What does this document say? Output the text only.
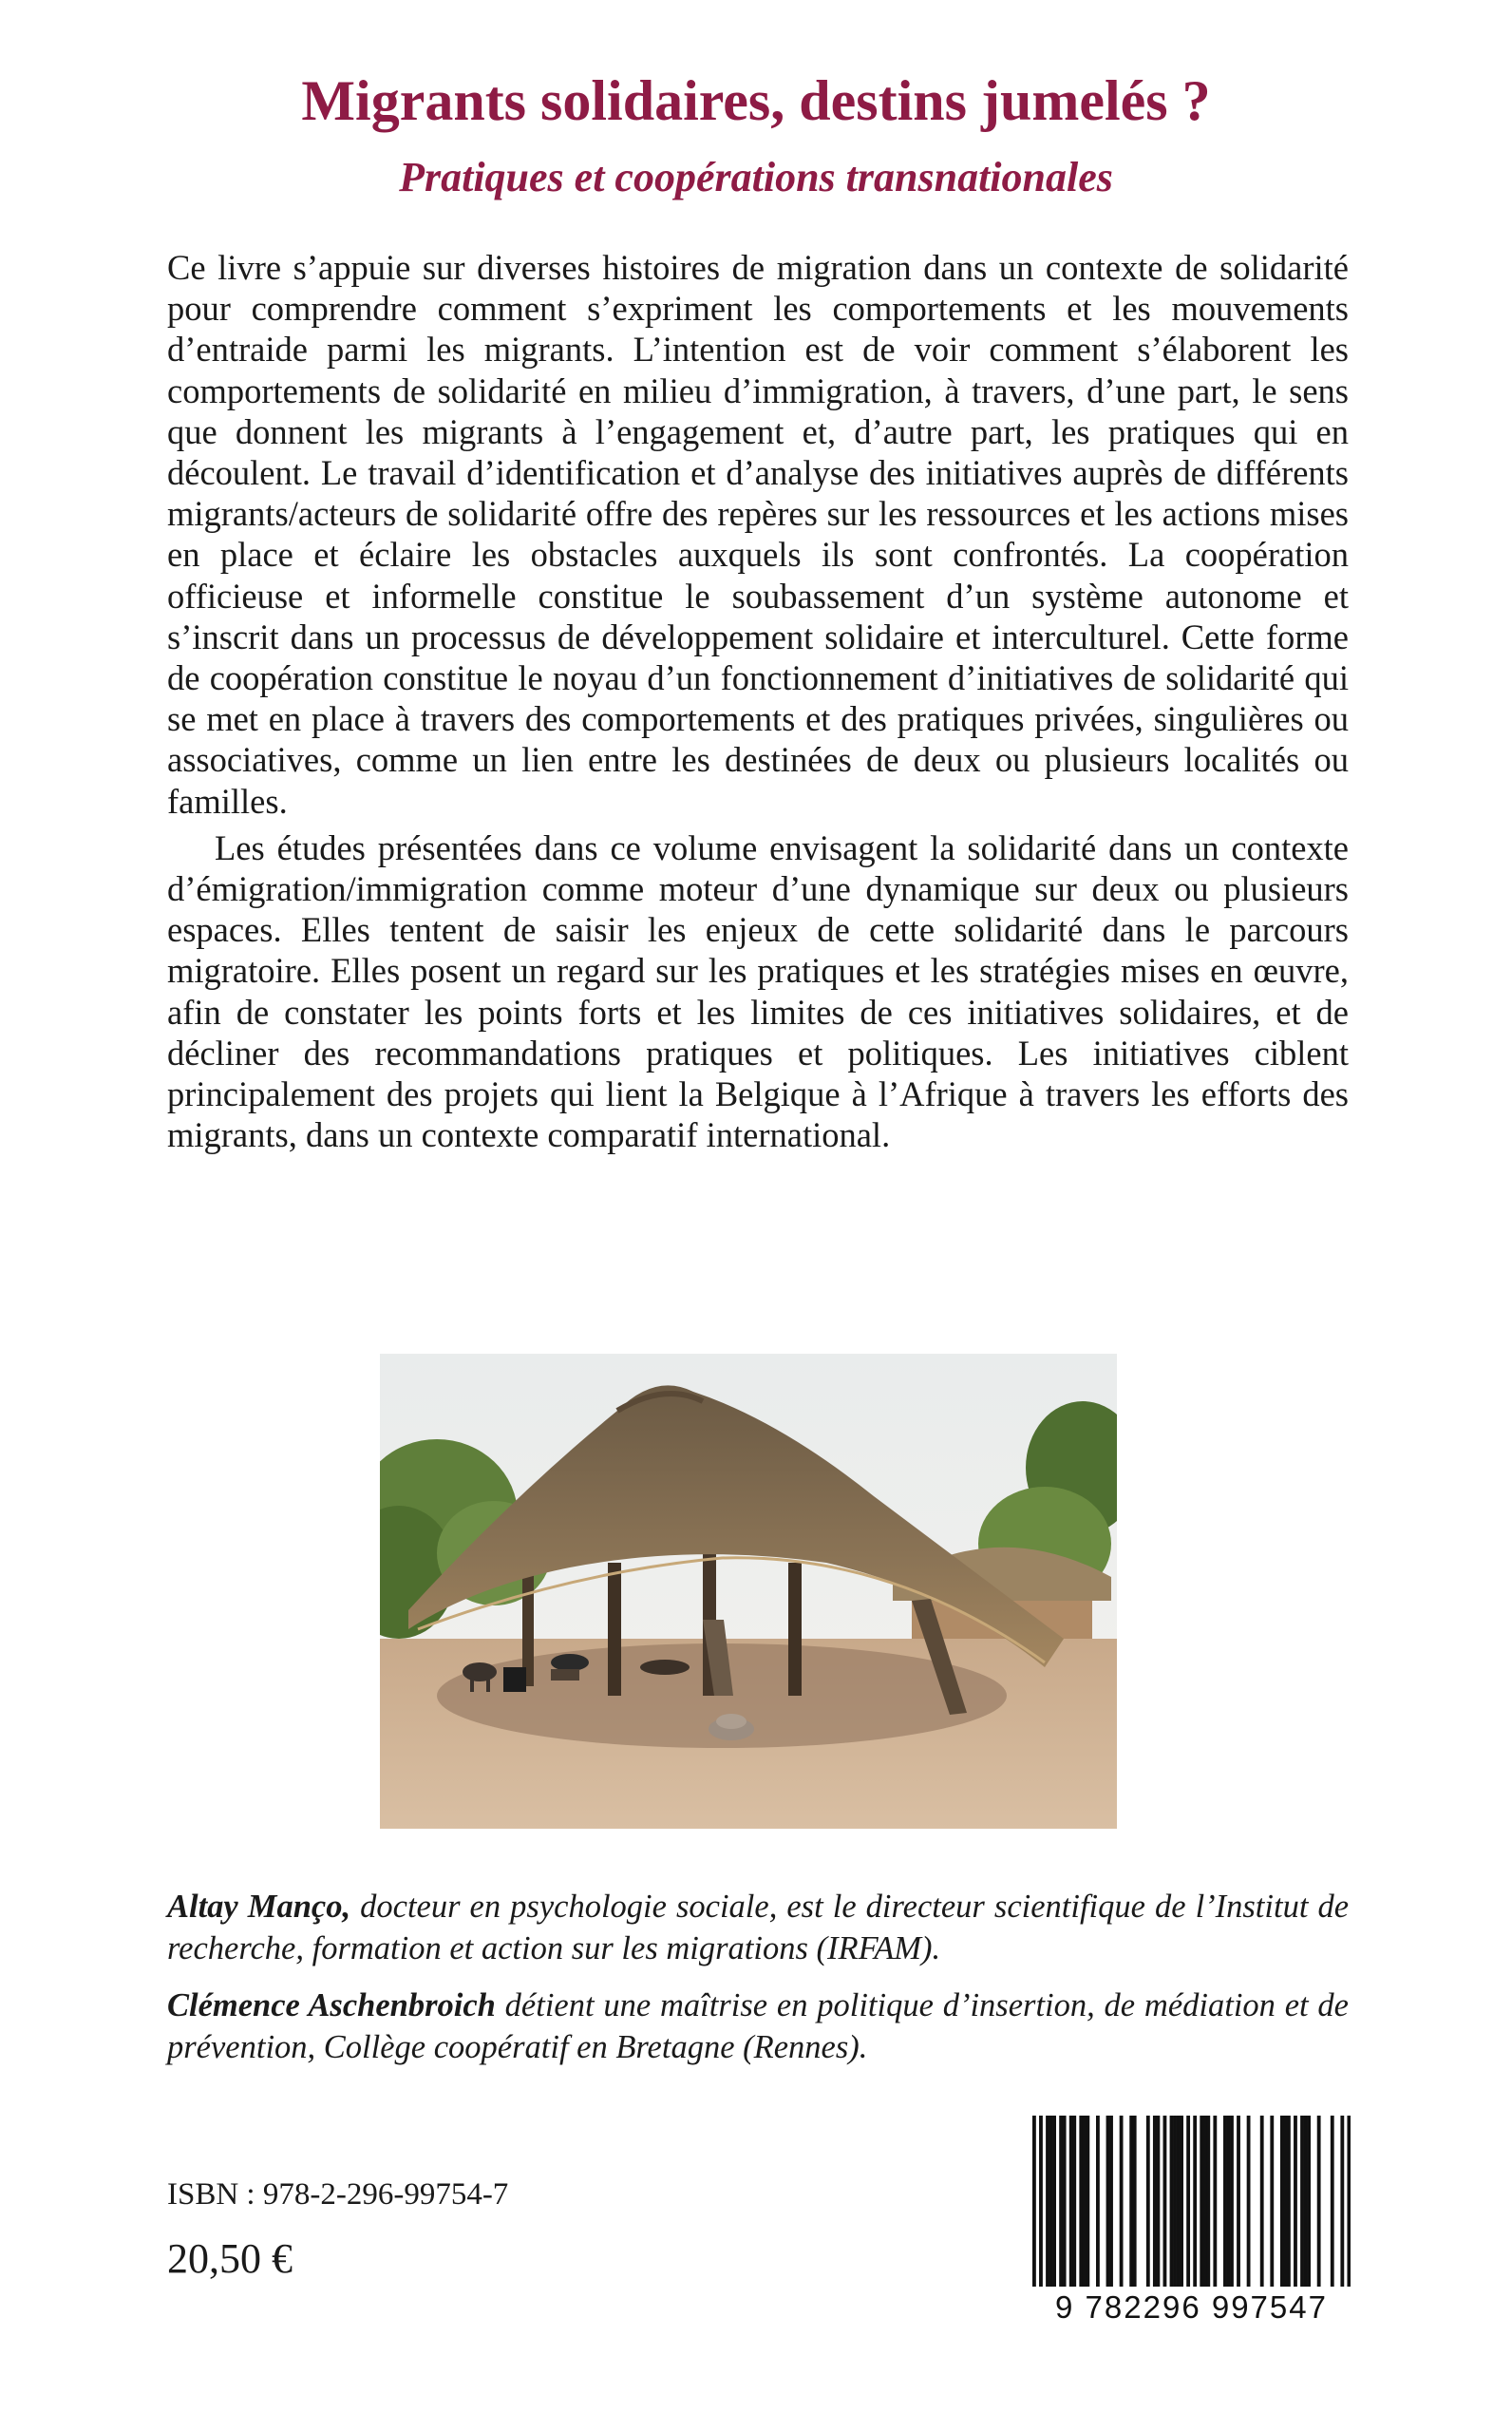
Migrants solidaires, destins jumelés ?
Pratiques et coopérations transnationales

Ce livre s’appuie sur diverses histoires de migration dans un contexte de solidarité pour comprendre comment s’expriment les comportements et les mouvements d’entraide parmi les migrants. L’intention est de voir comment s’élaborent les comportements de solidarité en milieu d’immigration, à travers, d’une part, le sens que donnent les migrants à l’engagement et, d’autre part, les pratiques qui en découlent. Le travail d’identification et d’analyse des initiatives auprès de différents migrants/acteurs de solidarité offre des repères sur les ressources et les actions mises en place et éclaire les obstacles auxquels ils sont confrontés. La coopération officieuse et informelle constitue le soubassement d’un système autonome et s’inscrit dans un processus de développement solidaire et interculturel. Cette forme de coopération constitue le noyau d’un fonctionnement d’initiatives de solidarité qui se met en place à travers des comportements et des pratiques privées, singulières ou associatives, comme un lien entre les destinées de deux ou plusieurs localités ou familles.

Les études présentées dans ce volume envisagent la solidarité dans un contexte d’émigration/immigration comme moteur d’une dynamique sur deux ou plusieurs espaces. Elles tentent de saisir les enjeux de cette solidarité dans le parcours migratoire. Elles posent un regard sur les pratiques et les stratégies mises en œuvre, afin de constater les points forts et les limites de ces initiatives solidaires, et de décliner des recommandations pratiques et politiques. Les initiatives ciblent principalement des projets qui lient la Belgique à l’Afrique à travers les efforts des migrants, dans un contexte comparatif international.

Altay Manço, docteur en psychologie sociale, est le directeur scientifique de l’Institut de recherche, formation et action sur les migrations (IRFAM).

Clémence Aschenbroich détient une maîtrise en politique d’insertion, de médiation et de prévention, Collège coopératif en Bretagne (Rennes).

ISBN : 978-2-296-99754-7
20,50 €
9 782296 997547
